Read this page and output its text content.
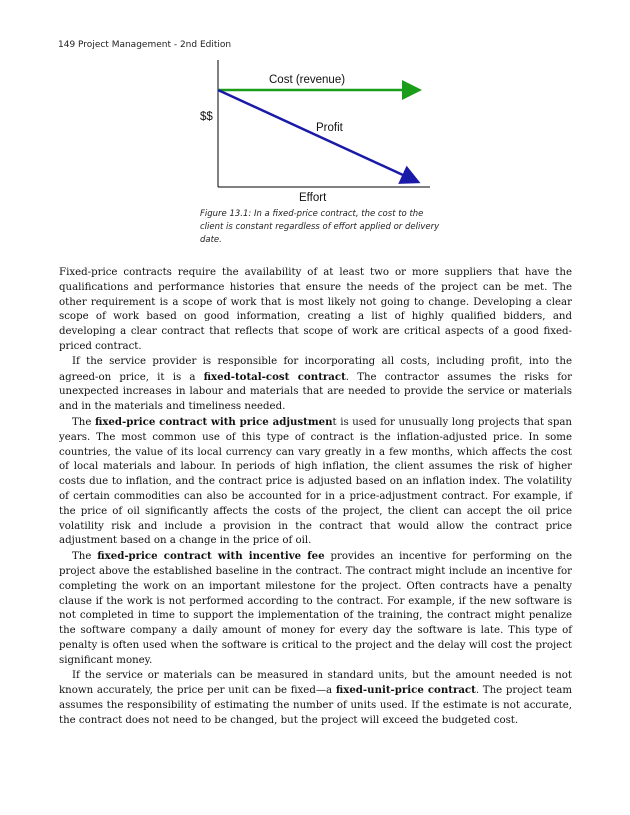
149 Project Management - 2nd Edition
Cost (revenue)
Profit
$$
Effort
Figure 13.1: In a fixed-price contract, the cost to the client is constant regardless of effort applied or delivery date.

Fixed-price contracts require the availability of at least two or more suppliers that have the qualifications and performance histories that ensure the needs of the project can be met. The other requirement is a scope of work that is most likely not going to change. Developing a clear scope of work based on good information, creating a list of highly qualified bidders, and developing a clear contract that reflects that scope of work are critical aspects of a good fixed-priced contract.

If the service provider is responsible for incorporating all costs, including profit, into the agreed-on price, it is a fixed-total-cost contract. The contractor assumes the risks for unexpected increases in labour and materials that are needed to provide the service or materials and in the materials and timeliness needed.

The fixed-price contract with price adjustment is used for unusually long projects that span years. The most common use of this type of contract is the inflation-adjusted price. In some countries, the value of its local currency can vary greatly in a few months, which affects the cost of local materials and labour. In periods of high inflation, the client assumes the risk of higher costs due to inflation, and the contract price is adjusted based on an inflation index. The volatility of certain commodities can also be accounted for in a price-adjustment contract. For example, if the price of oil significantly affects the costs of the project, the client can accept the oil price volatility risk and include a provision in the contract that would allow the contract price adjustment based on a change in the price of oil.

The fixed-price contract with incentive fee provides an incentive for performing on the project above the established baseline in the contract. The contract might include an incentive for completing the work on an important milestone for the project. Often contracts have a penalty clause if the work is not performed according to the contract. For example, if the new software is not completed in time to support the implementation of the training, the contract might penalize the software company a daily amount of money for every day the software is late. This type of penalty is often used when the software is critical to the project and the delay will cost the project significant money.

If the service or materials can be measured in standard units, but the amount needed is not known accurately, the price per unit can be fixed—a fixed-unit-price contract. The project team assumes the responsibility of estimating the number of units used. If the estimate is not accurate, the contract does not need to be changed, but the project will exceed the budgeted cost.
